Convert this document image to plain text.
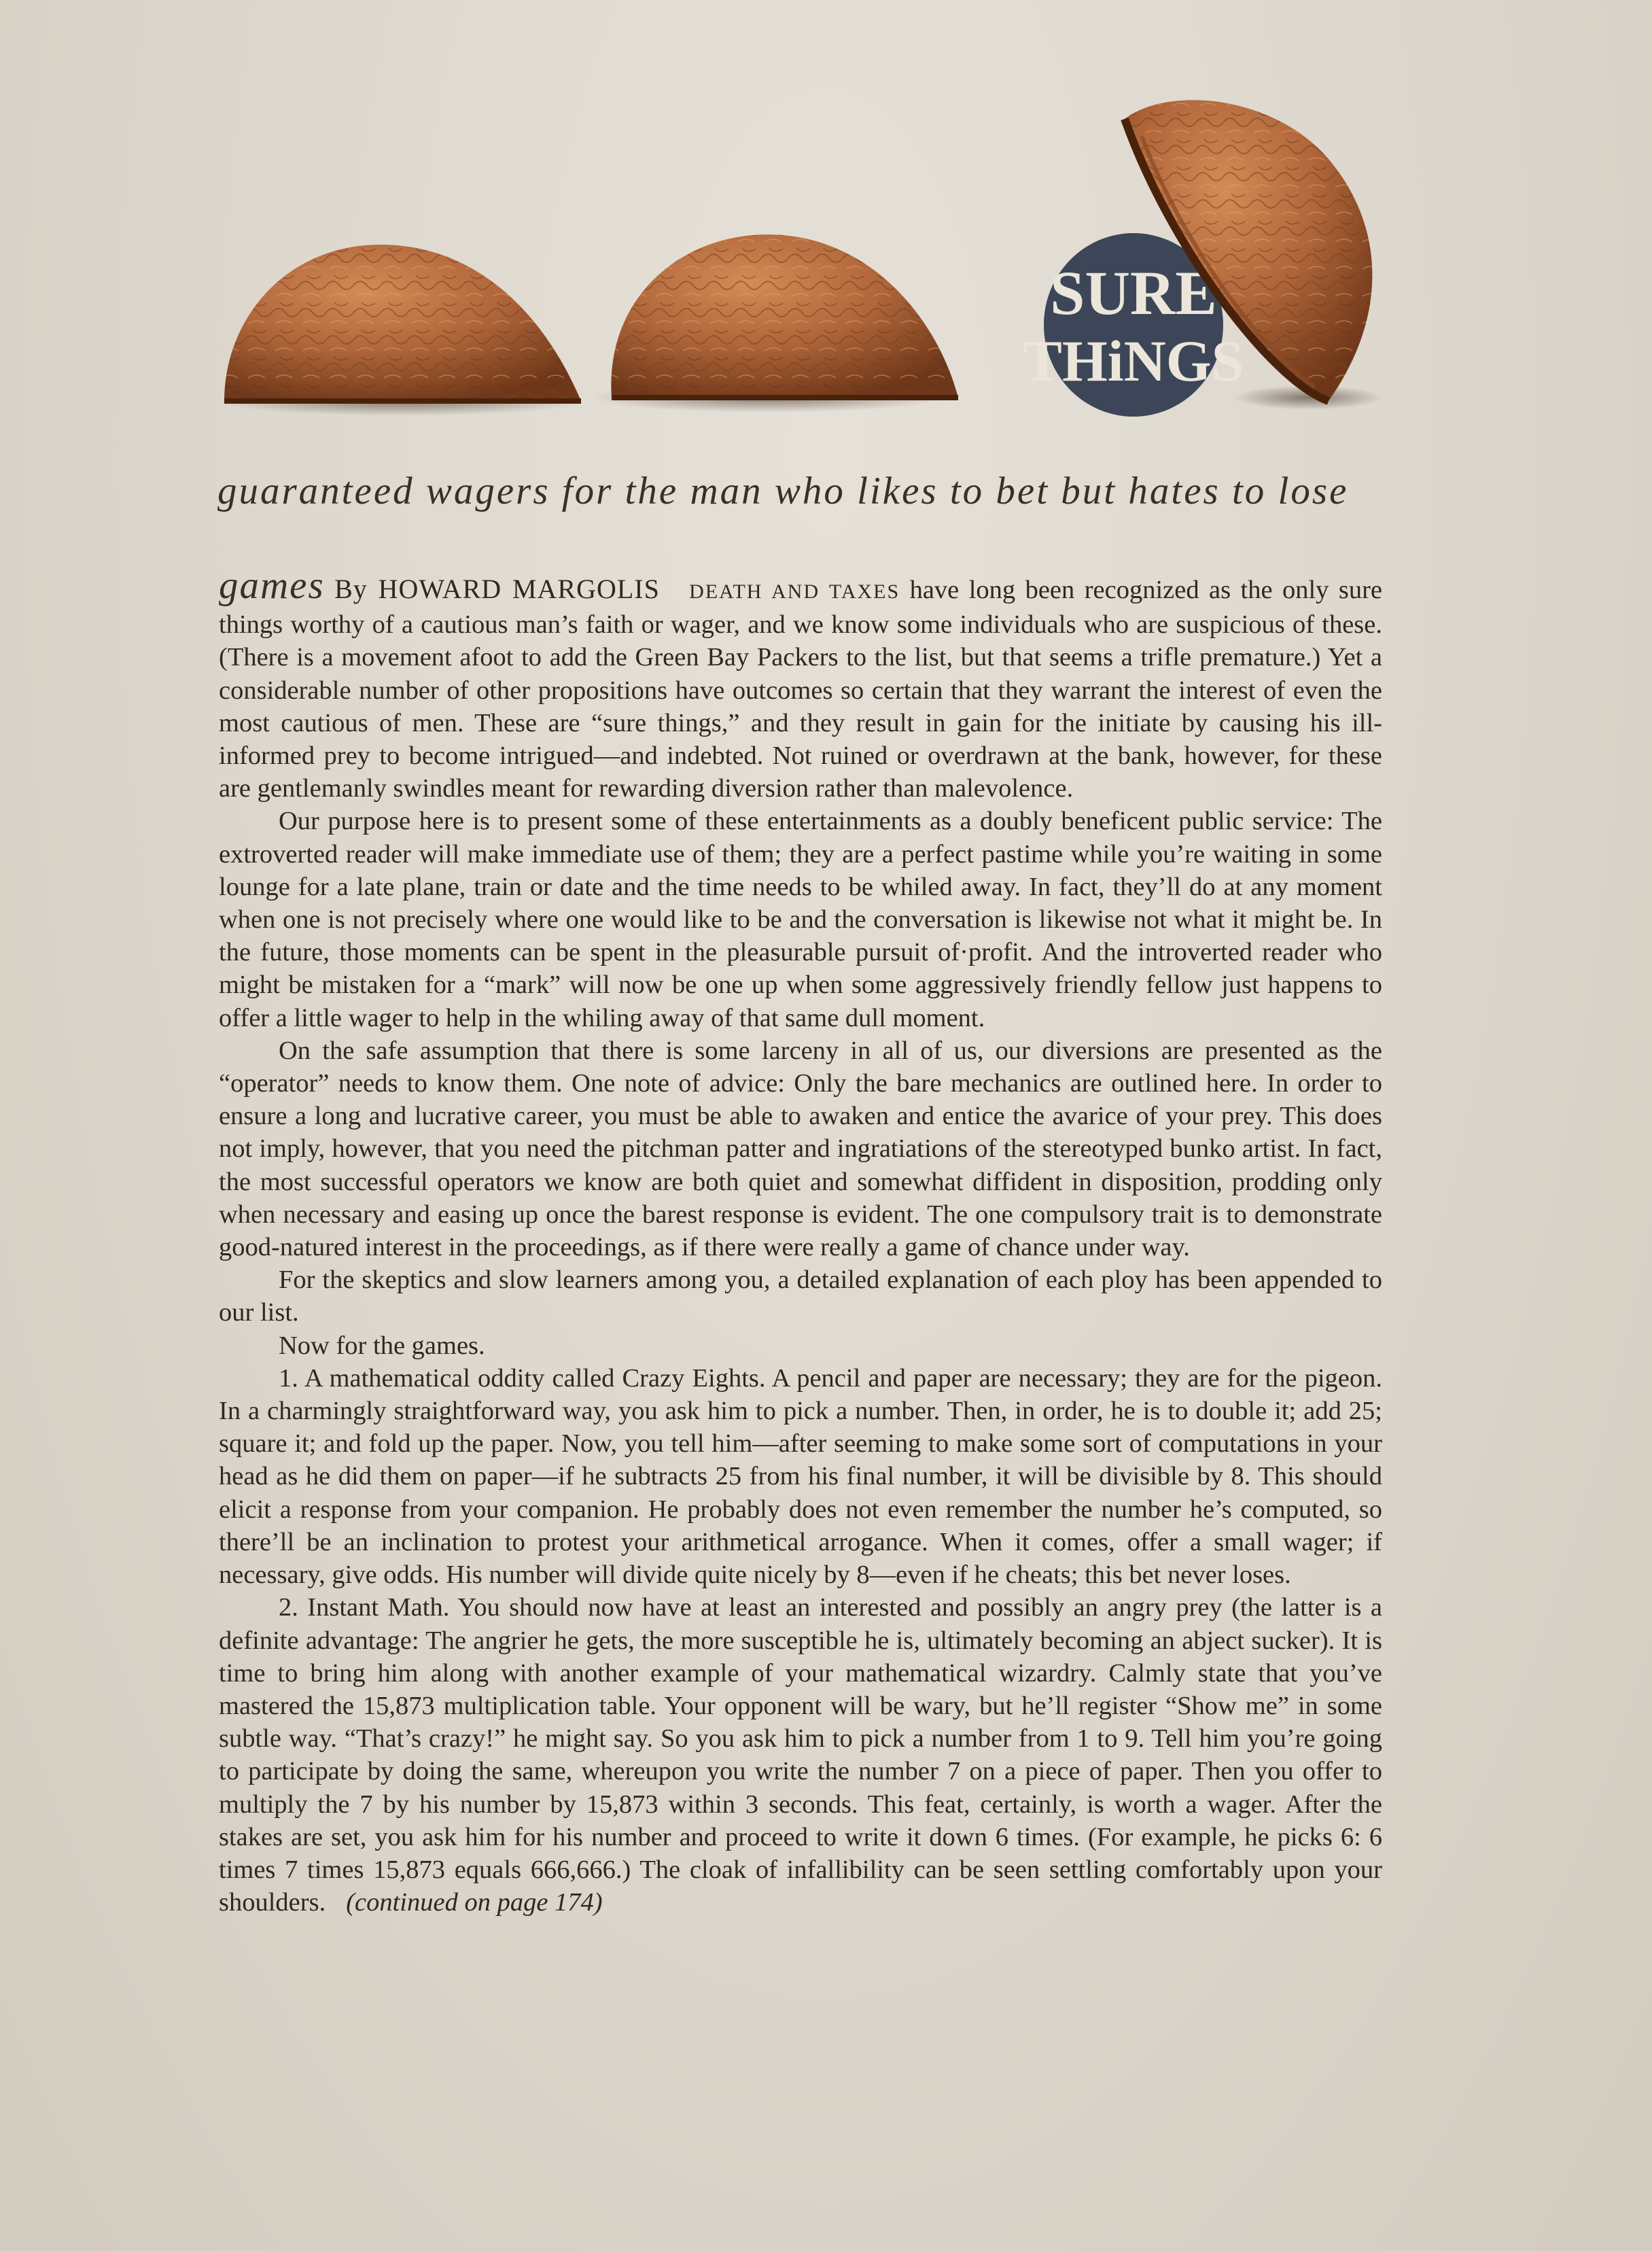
SURE
THiNGS
guaranteed wagers for the man who likes to bet but hates to lose

games By HOWARD MARGOLIS DEATH AND TAXES have long been recognized as the only sure things worthy of a cautious man’s faith or wager, and we know some individuals who are suspicious of these. (There is a movement afoot to add the Green Bay Packers to the list, but that seems a trifle premature.) Yet a considerable number of other propositions have outcomes so certain that they warrant the interest of even the most cautious of men. These are “sure things,” and they result in gain for the initiate by causing his ill-informed prey to become intrigued—and indebted. Not ruined or overdrawn at the bank, however, for these are gentlemanly swindles meant for rewarding diversion rather than malevolence.

Our purpose here is to present some of these entertainments as a doubly beneficent public service: The extroverted reader will make immediate use of them; they are a perfect pastime while you’re waiting in some lounge for a late plane, train or date and the time needs to be whiled away. In fact, they’ll do at any moment when one is not precisely where one would like to be and the conversation is likewise not what it might be. In the future, those moments can be spent in the pleasurable pursuit of·profit. And the introverted reader who might be mistaken for a “mark” will now be one up when some aggressively friendly fellow just happens to offer a little wager to help in the whiling away of that same dull moment.

On the safe assumption that there is some larceny in all of us, our diversions are presented as the “operator” needs to know them. One note of advice: Only the bare mechanics are outlined here. In order to ensure a long and lucrative career, you must be able to awaken and entice the avarice of your prey. This does not imply, however, that you need the pitchman patter and ingratiations of the stereotyped bunko artist. In fact, the most successful operators we know are both quiet and somewhat diffident in disposition, prodding only when necessary and easing up once the barest response is evident. The one compulsory trait is to demonstrate good-natured interest in the proceedings, as if there were really a game of chance under way.

For the skeptics and slow learners among you, a detailed explanation of each ploy has been appended to our list.

Now for the games.

1. A mathematical oddity called Crazy Eights. A pencil and paper are necessary; they are for the pigeon. In a charmingly straightforward way, you ask him to pick a number. Then, in order, he is to double it; add 25; square it; and fold up the paper. Now, you tell him—after seeming to make some sort of computations in your head as he did them on paper—if he subtracts 25 from his final number, it will be divisible by 8. This should elicit a response from your companion. He probably does not even remember the number he’s computed, so there’ll be an inclination to protest your arithmetical arrogance. When it comes, offer a small wager; if necessary, give odds. His number will divide quite nicely by 8—even if he cheats; this bet never loses.

2. Instant Math. You should now have at least an interested and possibly an angry prey (the latter is a definite advantage: The angrier he gets, the more susceptible he is, ultimately becoming an abject sucker). It is time to bring him along with another example of your mathematical wizardry. Calmly state that you’ve mastered the 15,873 multiplication table. Your opponent will be wary, but he’ll register “Show me” in some subtle way. “That’s crazy!” he might say. So you ask him to pick a number from 1 to 9. Tell him you’re going to participate by doing the same, whereupon you write the number 7 on a piece of paper. Then you offer to multiply the 7 by his number by 15,873 within 3 seconds. This feat, certainly, is worth a wager. After the stakes are set, you ask him for his number and proceed to write it down 6 times. (For example, he picks 6: 6 times 7 times 15,873 equals 666,666.) The cloak of infallibility can be seen settling comfortably upon your shoulders. (continued on page 174)
